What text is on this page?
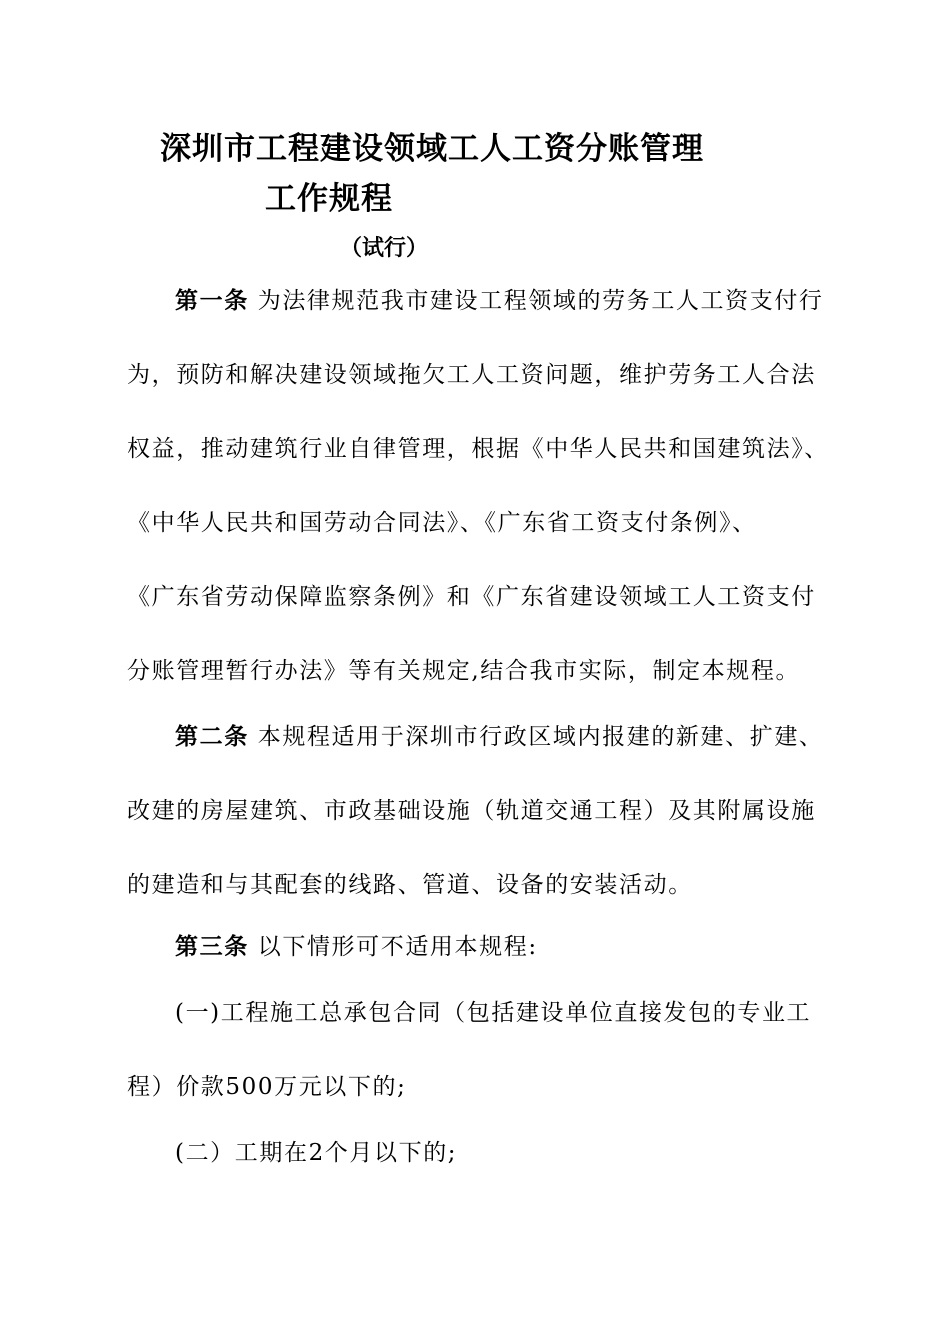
深圳市工程建设领域工人工资分账管理
工作规程
（试行）
第一条 为法律规范我市建设工程领域的劳务工人工资支付行
为，预防和解决建设领域拖欠工人工资问题，维护劳务工人合法
权益，推动建筑行业自律管理，根据《中华人民共和国建筑法》、
《中华人民共和国劳动合同法》、《广东省工资支付条例》、
《广东省劳动保障监察条例》和《广东省建设领域工人工资支付
分账管理暂行办法》等有关规定,结合我市实际，制定本规程。
第二条 本规程适用于深圳市行政区域内报建的新建、扩建、
改建的房屋建筑、市政基础设施（轨道交通工程）及其附属设施
的建造和与其配套的线路、管道、设备的安装活动。
第三条 以下情形可不适用本规程:
(一)工程施工总承包合同（包括建设单位直接发包的专业工
程）价款500万元以下的;
(二）工期在2个月以下的;
